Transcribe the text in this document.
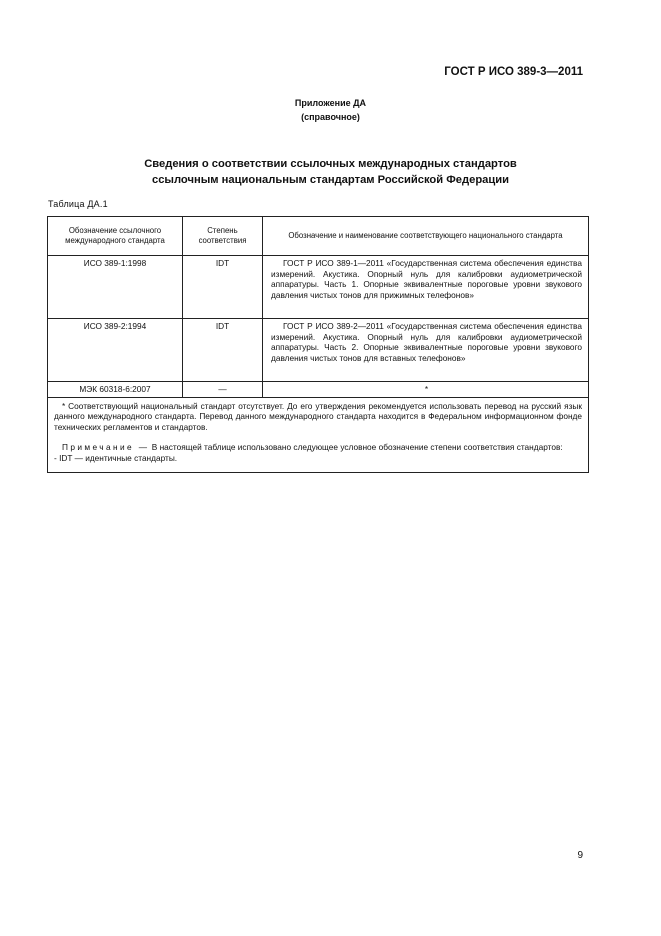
ГОСТ Р ИСО 389-3—2011
Приложение ДА
(справочное)
Сведения о соответствии ссылочных международных стандартов
ссылочным национальным стандартам Российской Федерации
Таблица ДА.1
Обозначение ссылочного международного стандарта	Степень соответствия	Обозначение и наименование соответствующего национального стандарта
ИСО 389-1:1998	IDT	ГОСТ Р ИСО 389-1—2011 «Государственная система обеспечения единства измерений. Акустика. Опорный нуль для калибровки аудиометрической аппаратуры. Часть 1. Опорные эквивалентные пороговые уровни звукового давления чистых тонов для прижимных телефонов»
ИСО 389-2:1994	IDT	ГОСТ Р ИСО 389-2—2011 «Государственная система обеспечения единства измерений. Акустика. Опорный нуль для калибровки аудиометрической аппаратуры. Часть 2. Опорные эквивалентные пороговые уровни звукового давления чистых тонов для вставных телефонов»
МЭК 60318-6:2007	—	*

* Соответствующий национальный стандарт отсутствует. До его утверждения рекомендуется использовать перевод на русский язык данного международного стандарта. Перевод данного международного стандарта находится в Федеральном информационном фонде технических регламентов и стандартов.

Примечание — В настоящей таблице использовано следующее условное обозначение степени соответствия стандартов:

- IDT — идентичные стандарты.		

9
